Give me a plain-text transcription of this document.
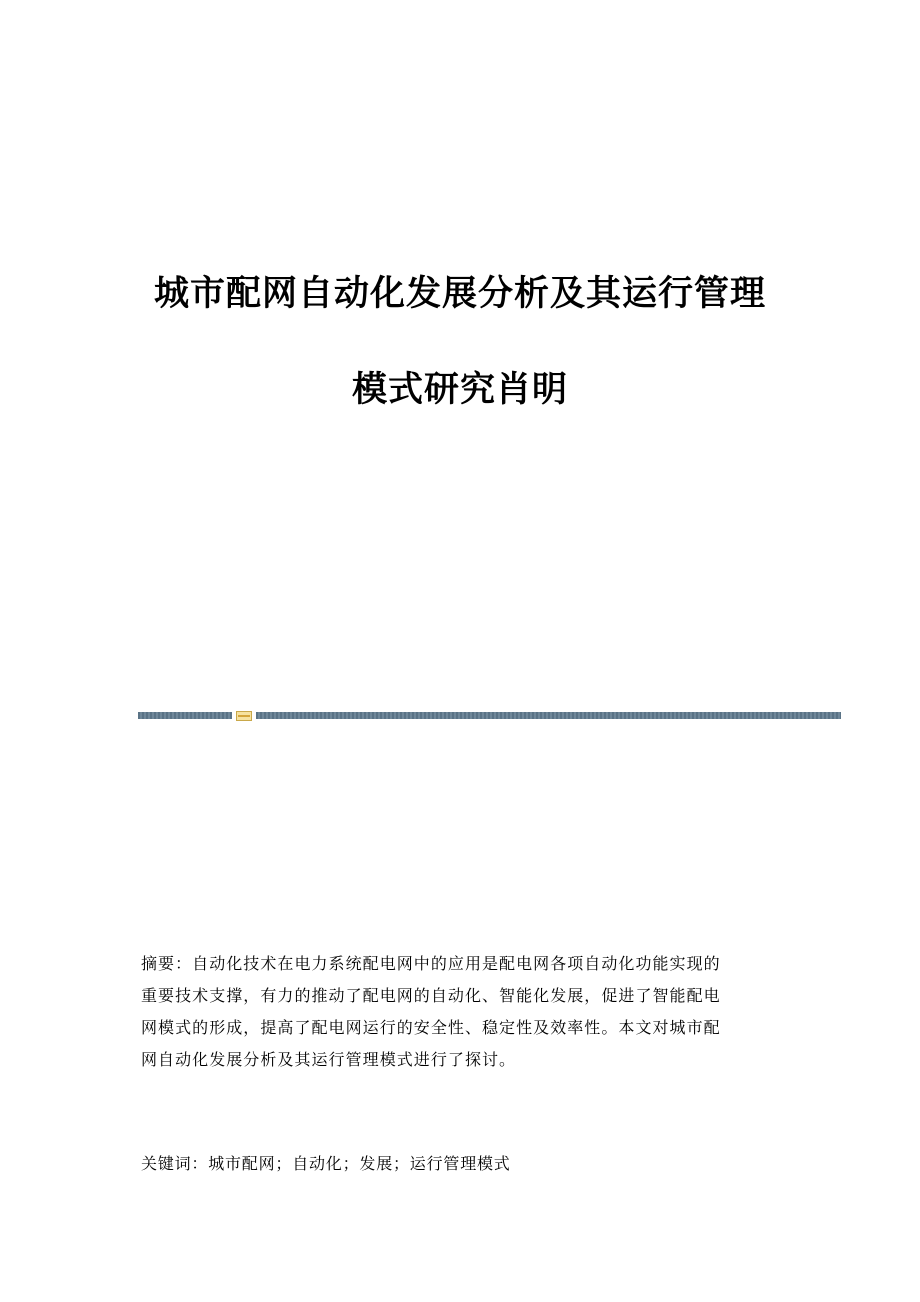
城市配网自动化发展分析及其运行管理
模式研究肖明
摘要：自动化技术在电力系统配电网中的应用是配电网各项自动化功能实现的
重要技术支撑，有力的推动了配电网的自动化、智能化发展，促进了智能配电
网模式的形成，提高了配电网运行的安全性、稳定性及效率性。本文对城市配
网自动化发展分析及其运行管理模式进行了探讨。
关键词：城市配网；自动化；发展；运行管理模式
